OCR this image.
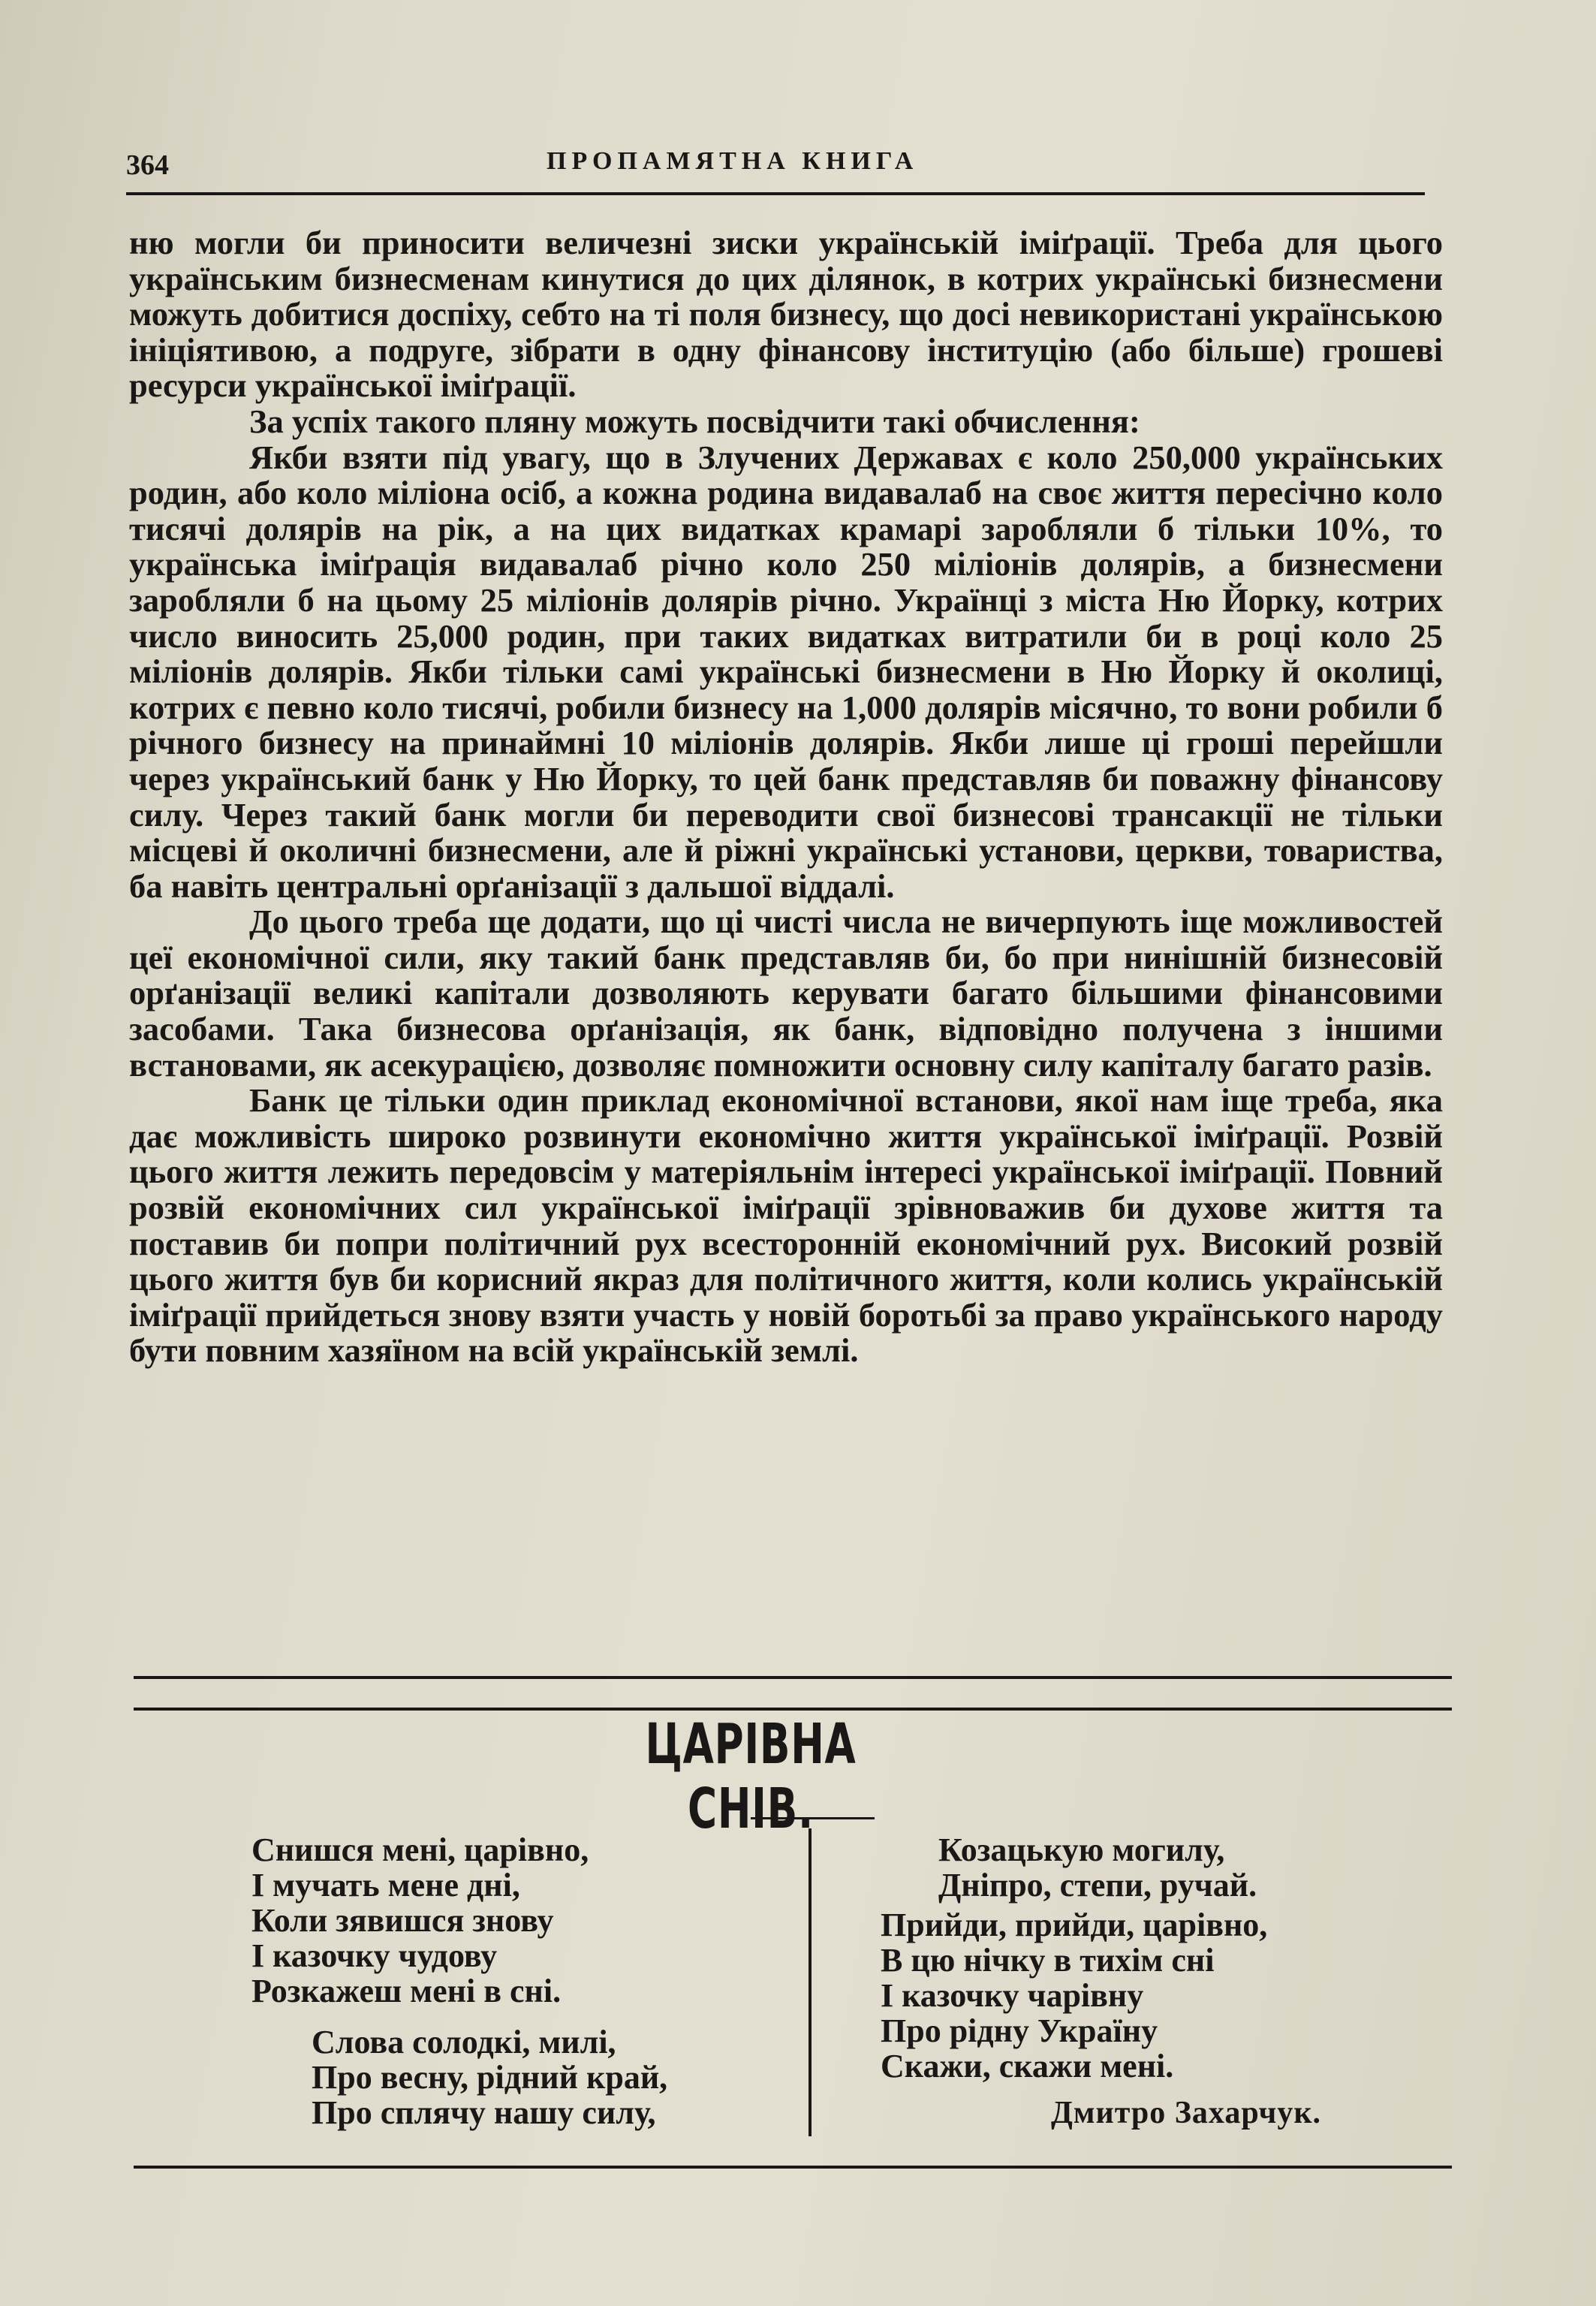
364	ПРОПАМЯТНА КНИГА

ню могли би приносити величезні зиски українській іміґрації. Треба для цього українським бизнесменам кинутися до цих ділянок, в котрих українські бизнесмени можуть добитися доспіху, себто на ті поля бизнесу, що досі невикористані українською ініціятивою, а подруге, зібрати в одну фінансову інституцію (або більше) грошеві ресурси української іміґрації.

За успіх такого пляну можуть посвідчити такі обчислення:

Якби взяти під увагу, що в Злучених Державах є коло 250,000 українських родин, або коло міліона осіб, а кожна родина видавалаб на своє життя пересічно коло тисячі долярів на рік, а на цих видатках крамарі заробляли б тільки 10%, то українська іміґрація видавалаб річно коло 250 міліонів долярів, а бизнесмени заробляли б на цьому 25 міліонів долярів річно. Українці з міста Ню Йорку, котрих число виносить 25,000 родин, при таких видатках витратили би в році коло 25 міліонів долярів. Якби тільки самі українські бизнесмени в Ню Йорку й околиці, котрих є певно коло тисячі, робили бизнесу на 1,000 долярів місячно, то вони робили б річного бизнесу на принаймні 10 міліонів долярів. Якби лише ці гроші перейшли через український банк у Ню Йорку, то цей банк представляв би поважну фінансову силу. Через такий банк могли би переводити свої бизнесові трансакції не тільки місцеві й околичні бизнесмени, але й ріжні українські установи, церкви, товариства, ба навіть центральні орґанізації з дальшої віддалі.

До цього треба ще додати, що ці чисті числа не вичерпують іще можливостей цеї економічної сили, яку такий банк представляв би, бо при нинішній бизнесовій орґанізації великі капітали дозволяють керувати багато більшими фінансовими засобами. Така бизнесова орґанізація, як банк, відповідно получена з іншими встановами, як асекурацією, дозволяє помножити основну силу капіталу багато разів.

Банк це тільки один приклад економічної встанови, якої нам іще треба, яка дає можливість широко розвинути економічно життя української іміґрації. Розвій цього життя лежить передовсім у матеріяльнім інтересі української іміґрації. Повний розвій економічних сил української іміґрації зрівноважив би духове життя та поставив би попри політичний рух всесторонній економічний рух. Високий розвій цього життя був би корисний якраз для політичного життя, коли колись українській іміґрації прийдеться знову взяти участь у новій боротьбі за право українського народу бути повним хазяїном на всій українській землі.

ЦАРІВНА СНІВ.
Снишся мені, царівно,
І мучать мене дні,
Коли зявишся знову
І казочку чудову
Розкажеш мені в сні.
Слова солодкі, милі,
Про весну, рідний край,
Про сплячу нашу силу,
Козацькую могилу,
Дніпро, степи, ручай.
Прийди, прийди, царівно,
В цю нічку в тихім сні
І казочку чарівну
Про рідну Україну
Скажи, скажи мені.
Дмитро Захарчук.
